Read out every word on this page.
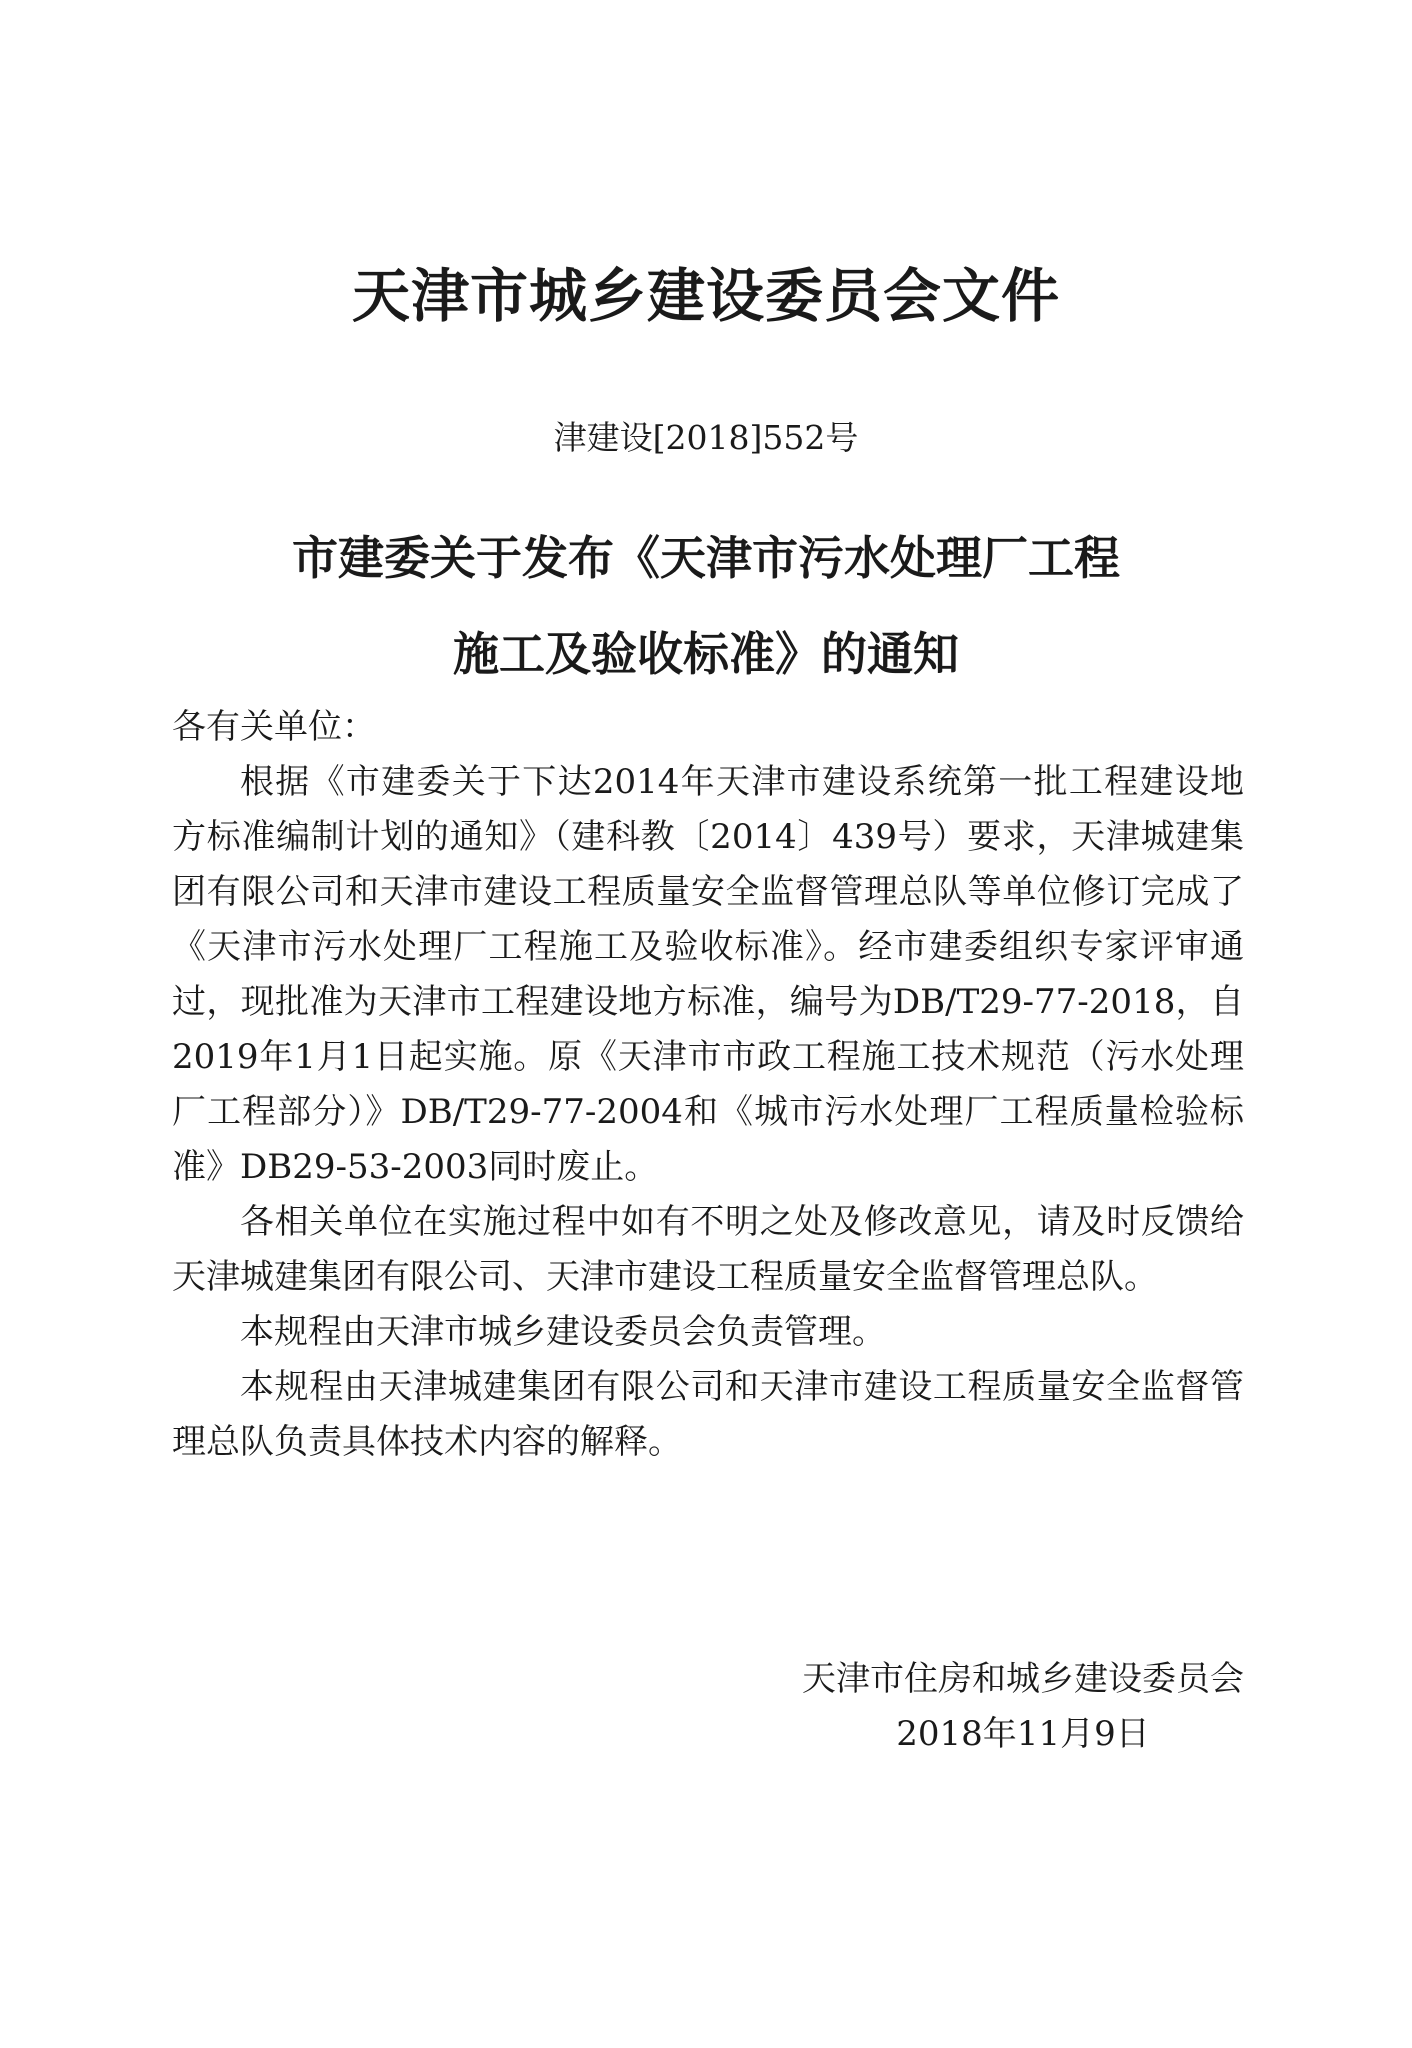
天津市城乡建设委员会文件
津建设[2018]552号
市建委关于发布《天津市污水处理厂工程
施工及验收标准》的通知

各有关单位：

根据《市建委关于下达2014年天津市建设系统第一批工程建设地方标准编制计划的通知》（建科教〔2014〕439号）要求，天津城建集团有限公司和天津市建设工程质量安全监督管理总队等单位修订完成了《天津市污水处理厂工程施工及验收标准》。经市建委组织专家评审通过，现批准为天津市工程建设地方标准，编号为DB/T29-77-2018，自2019年1月1日起实施。原《天津市市政工程施工技术规范（污水处理厂工程部分）》DB/T29-77-2004和《城市污水处理厂工程质量检验标准》DB29-53-2003同时废止。

各相关单位在实施过程中如有不明之处及修改意见，请及时反馈给天津城建集团有限公司、天津市建设工程质量安全监督管理总队。

本规程由天津市城乡建设委员会负责管理。

本规程由天津城建集团有限公司和天津市建设工程质量安全监督管理总队负责具体技术内容的解释。

天津市住房和城乡建设委员会
2018年11月9日
